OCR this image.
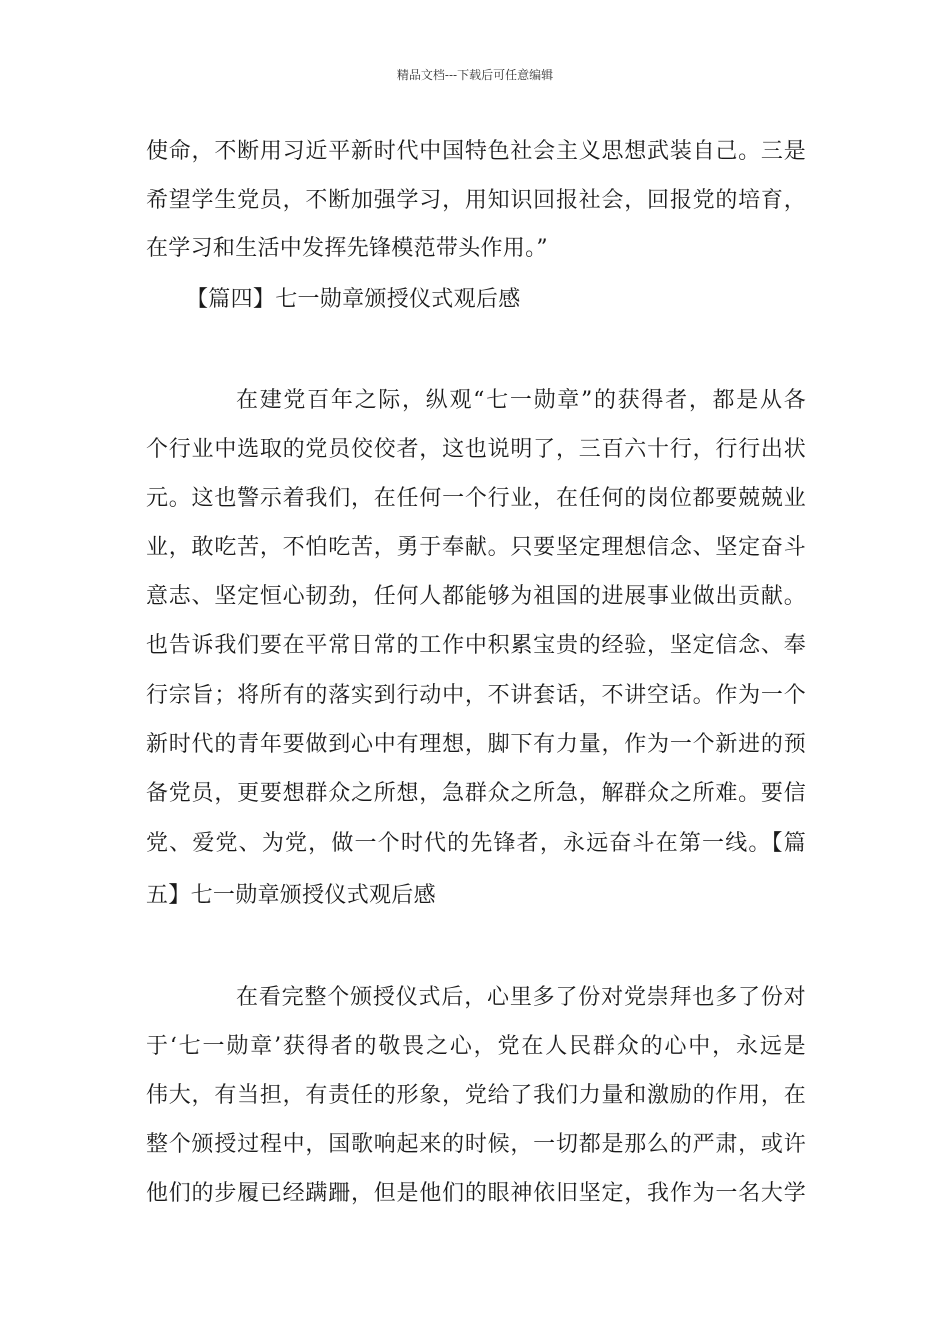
精品文档---下载后可任意编辑
使命，不断用习近平新时代中国特色社会主义思想武装自己。三是
希望学生党员，不断加强学习，用知识回报社会，回报党的培育，
在学习和生活中发挥先锋模范带头作用。”
【篇四】七一勋章颁授仪式观后感
在建党百年之际，纵观“七一勋章”的获得者，都是从各
个行业中选取的党员佼佼者，这也说明了，三百六十行，行行出状
元。这也警示着我们，在任何一个行业，在任何的岗位都要兢兢业
业，敢吃苦，不怕吃苦，勇于奉献。只要坚定理想信念、坚定奋斗
意志、坚定恒心韧劲，任何人都能够为祖国的进展事业做出贡献。
也告诉我们要在平常日常的工作中积累宝贵的经验，坚定信念、奉
行宗旨；将所有的落实到行动中，不讲套话，不讲空话。作为一个
新时代的青年要做到心中有理想，脚下有力量，作为一个新进的预
备党员，更要想群众之所想，急群众之所急，解群众之所难。要信
党、爱党、为党，做一个时代的先锋者，永远奋斗在第一线。【篇
五】七一勋章颁授仪式观后感
在看完整个颁授仪式后，心里多了份对党崇拜也多了份对
于‘七一勋章’获得者的敬畏之心，党在人民群众的心中，永远是
伟大，有当担，有责任的形象，党给了我们力量和激励的作用，在
整个颁授过程中，国歌响起来的时候，一切都是那么的严肃，或许
他们的步履已经蹒跚，但是他们的眼神依旧坚定，我作为一名大学
